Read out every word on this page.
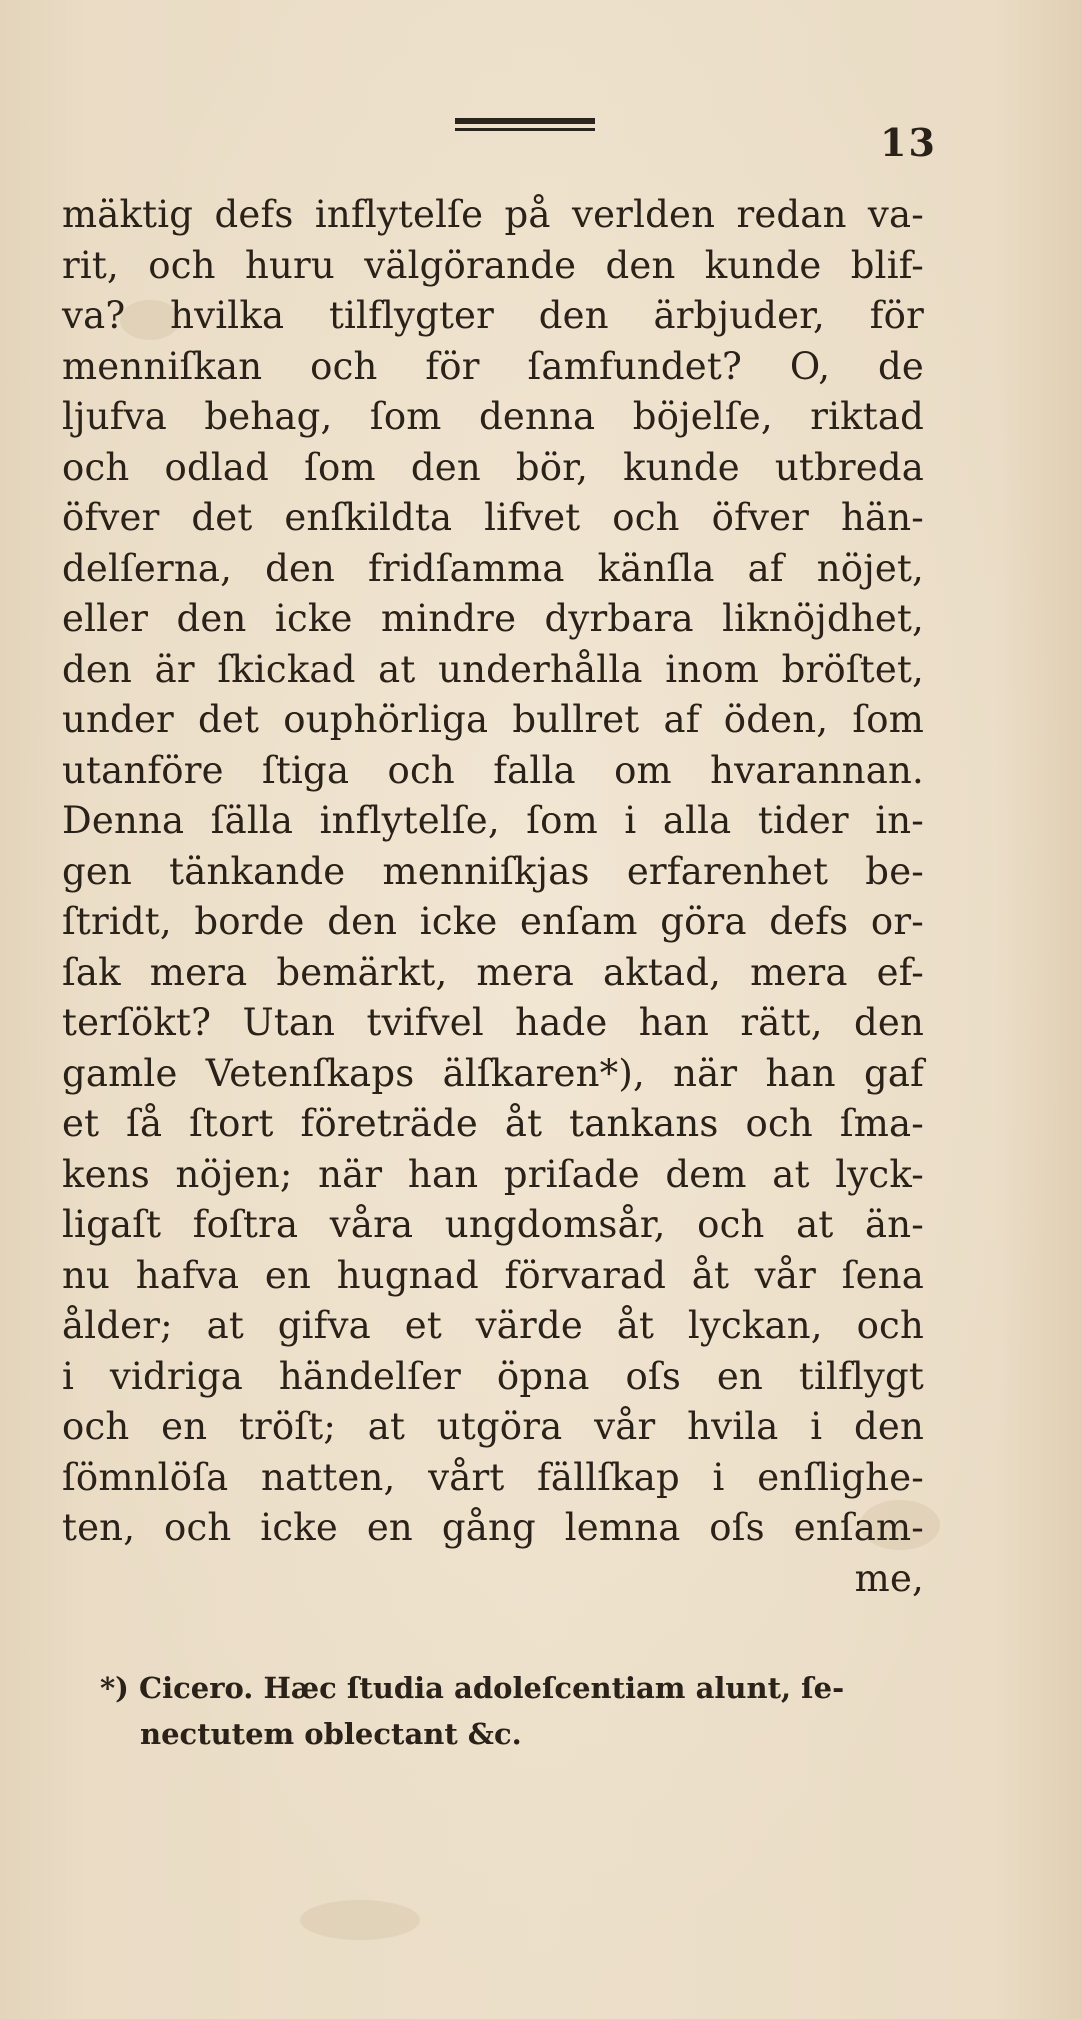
13
mäktig defs inflytelſe på verlden redan va-
rit, och huru välgörande den kunde blif-
va? hvilka tilflygter den ärbjuder, för
menniſkan och för ſamfundet? O, de
ljufva behag, ſom denna böjelſe, riktad
och odlad ſom den bör, kunde utbreda
öfver det enſkildta lifvet och öfver hän-
delſerna, den fridſamma känſla af nöjet,
eller den icke mindre dyrbara liknöjdhet,
den är ſkickad at underhålla inom bröſtet,
under det ouphörliga bullret af öden, ſom
utanföre ſtiga och falla om hvarannan.
Denna ſälla inflytelſe, ſom i alla tider in-
gen tänkande menniſkjas erfarenhet be-
ſtridt, borde den icke enſam göra defs or-
ſak mera bemärkt, mera aktad, mera ef-
terſökt? Utan tvifvel hade han rätt, den
gamle Vetenſkaps älſkaren*), när han gaf
et ſå ſtort företräde åt tankans och ſma-
kens nöjen; när han priſade dem at lyck-
ligaſt foſtra våra ungdomsår, och at än-
nu hafva en hugnad förvarad åt vår ſena
ålder; at gifva et värde åt lyckan, och
i vidriga händelſer öpna oſs en tilflygt
och en tröſt; at utgöra vår hvila i den
ſömnlöſa natten, vårt fällſkap i enſlighe-
ten, och icke en gång lemna oſs enſam-
me,
*) Cicero. Hæc ſtudia adoleſcentiam alunt, ſe-
nectutem oblectant &c.
